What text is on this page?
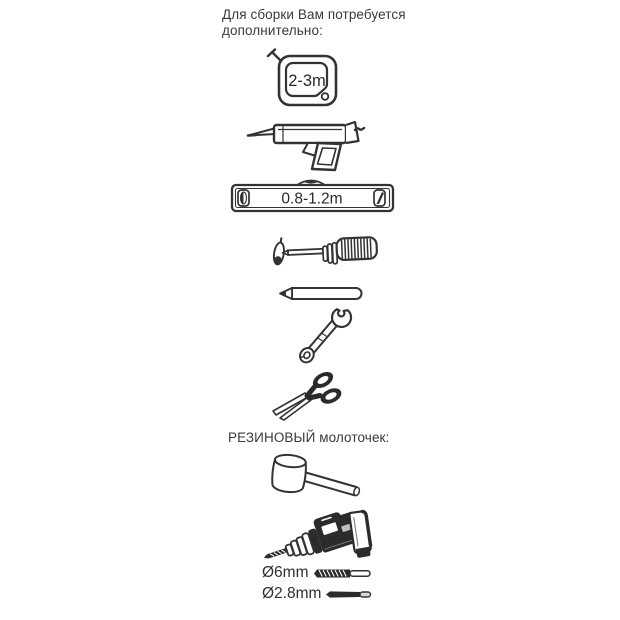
Для сборки Вам потребуется
дополнительно:
2-3m
0.8-1.2m
РЕЗИНОВЫЙ молоточек:
Ø6mm
Ø2.8mm
